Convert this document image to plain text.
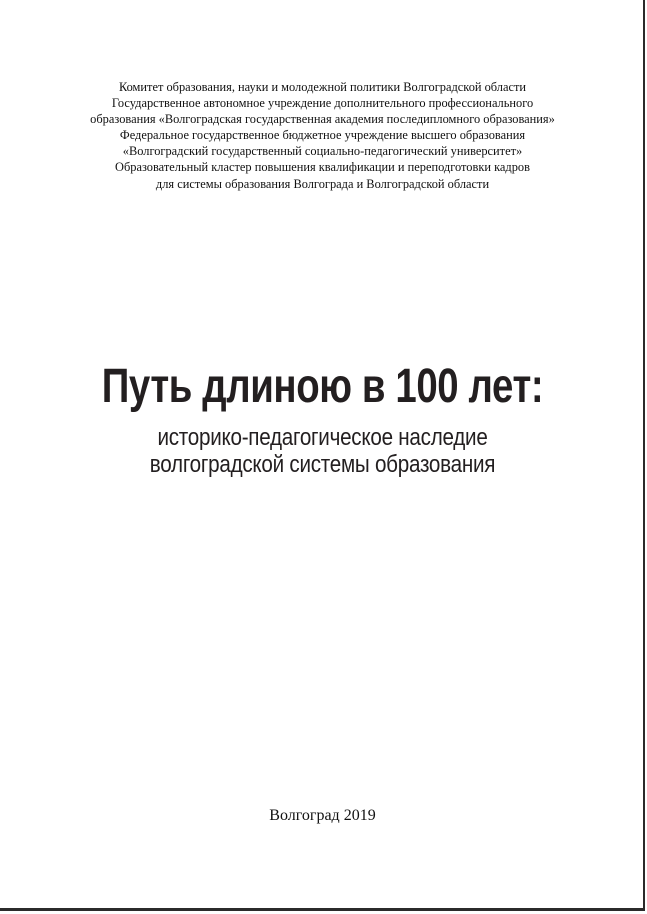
Комитет образования, науки и молодежной политики Волгоградской области
Государственное автономное учреждение дополнительного профессионального
образования «Волгоградская государственная академия последипломного образования»
Федеральное государственное бюджетное учреждение высшего образования
«Волгоградский государственный социально-педагогический университет»
Образовательный кластер повышения квалификации и переподготовки кадров
для системы образования Волгограда и Волгоградской области
Путь длиною в 100 лет:
историко-педагогическое наследие
волгоградской системы образования
Волгоград 2019
